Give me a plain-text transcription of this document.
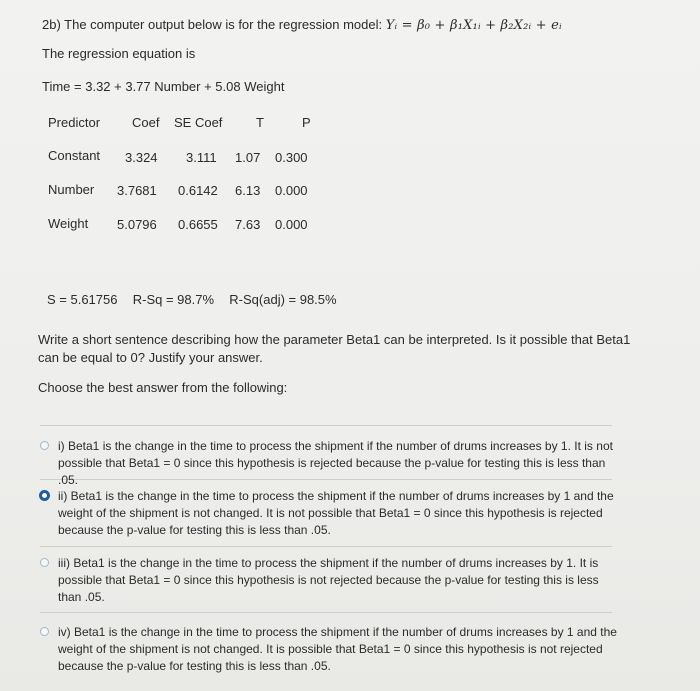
2b) The computer output below is for the regression model: Yᵢ = β₀ + β₁X₁ᵢ + β₂X₂ᵢ + eᵢ
The regression equation is
Time = 3.32 + 3.77 Number + 5.08 Weight
Predictor Coef SE Coef	T	P
Constant 3.324 3.111 1.07 0.300
Number 3.7681 0.6142 6.13 0.000
Weight 5.0796 0.6655 7.63 0.000
S = 5.61756 R-Sq = 98.7% R-Sq(adj) = 98.5%
Write a short sentence describing how the parameter Beta1 can be interpreted. Is it possible that Beta1 can be equal to 0? Justify your answer.
Choose the best answer from the following:
i) Beta1 is the change in the time to process the shipment if the number of drums increases by 1. It is not possible that Beta1 = 0 since this hypothesis is rejected because the p-value for testing this is less than .05.
ii) Beta1 is the change in the time to process the shipment if the number of drums increases by 1 and the weight of the shipment is not changed. It is not possible that Beta1 = 0 since this hypothesis is rejected because the p-value for testing this is less than .05.
iii) Beta1 is the change in the time to process the shipment if the number of drums increases by 1. It is possible that Beta1 = 0 since this hypothesis is not rejected because the p-value for testing this is less than .05.
iv) Beta1 is the change in the time to process the shipment if the number of drums increases by 1 and the weight of the shipment is not changed. It is possible that Beta1 = 0 since this hypothesis is not rejected because the p-value for testing this is less than .05.
